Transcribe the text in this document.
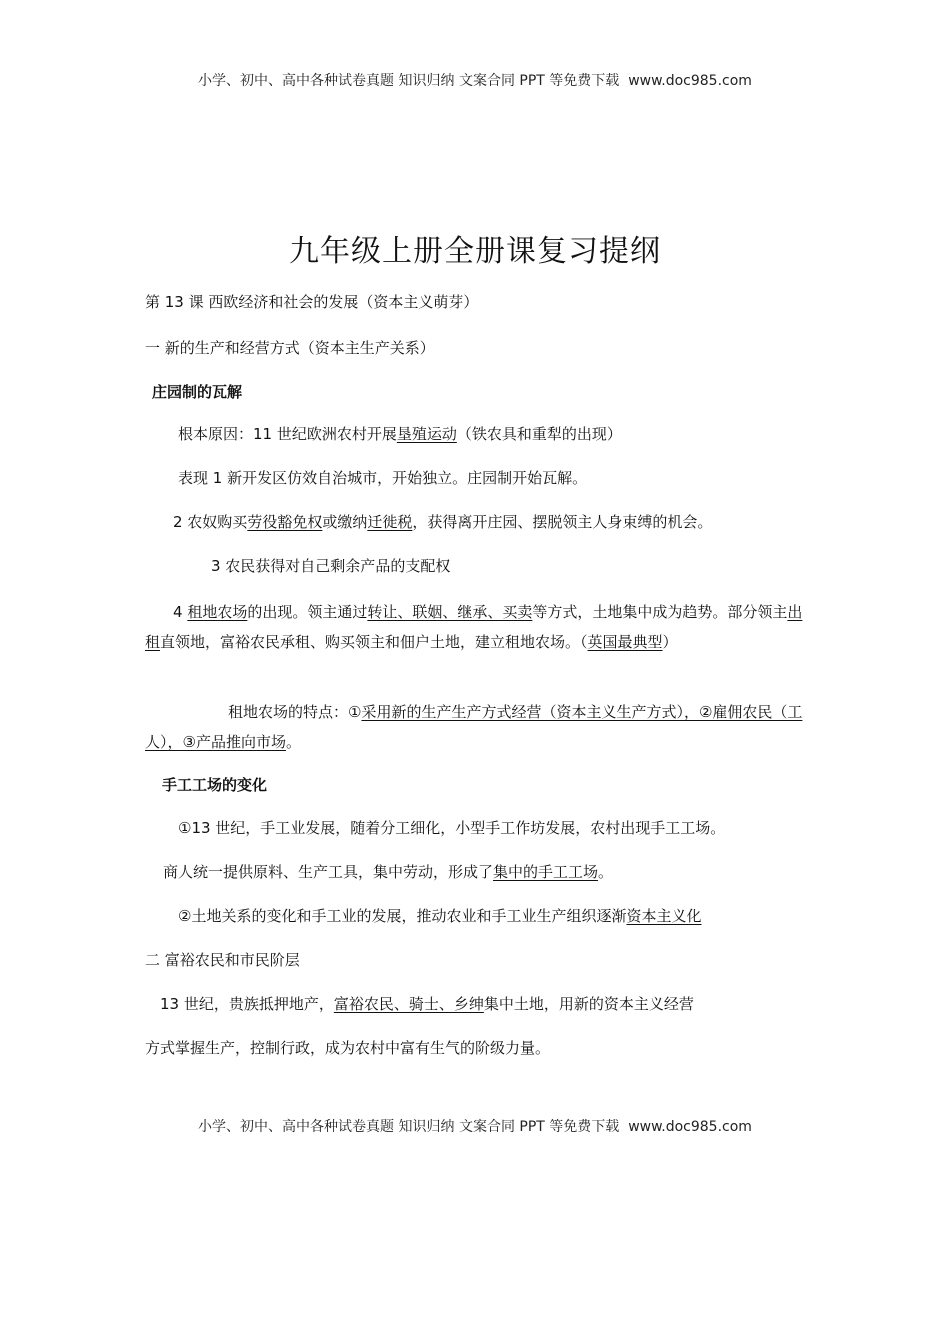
小学、初中、高中各种试卷真题 知识归纳 文案合同 PPT 等免费下载 www.doc985.com
九年级上册全册课复习提纲
第 13 课 西欧经济和社会的发展（资本主义萌芽）
一 新的生产和经营方式（资本主生产关系）
庄园制的瓦解
根本原因：11 世纪欧洲农村开展垦殖运动（铁农具和重犁的出现）
表现 1 新开发区仿效自治城市，开始独立。庄园制开始瓦解。
2 农奴购买劳役豁免权或缴纳迁徙税，获得离开庄园、摆脱领主人身束缚的机会。
3 农民获得对自己剩余产品的支配权
4 租地农场的出现。领主通过转让、联姻、继承、买卖等方式，土地集中成为趋势。部分领主出租直领地，富裕农民承租、购买领主和佃户土地，建立租地农场。（英国最典型）
租地农场的特点：①采用新的生产生产方式经营（资本主义生产方式），②雇佣农民（工人），③产品推向市场。
手工工场的变化
①13 世纪，手工业发展，随着分工细化，小型手工作坊发展，农村出现手工工场。
商人统一提供原料、生产工具，集中劳动，形成了集中的手工工场。
②土地关系的变化和手工业的发展，推动农业和手工业生产组织逐渐资本主义化
二 富裕农民和市民阶层
13 世纪，贵族抵押地产，富裕农民、骑士、乡绅集中土地，用新的资本主义经营
方式掌握生产，控制行政，成为农村中富有生气的阶级力量。
小学、初中、高中各种试卷真题 知识归纳 文案合同 PPT 等免费下载 www.doc985.com
